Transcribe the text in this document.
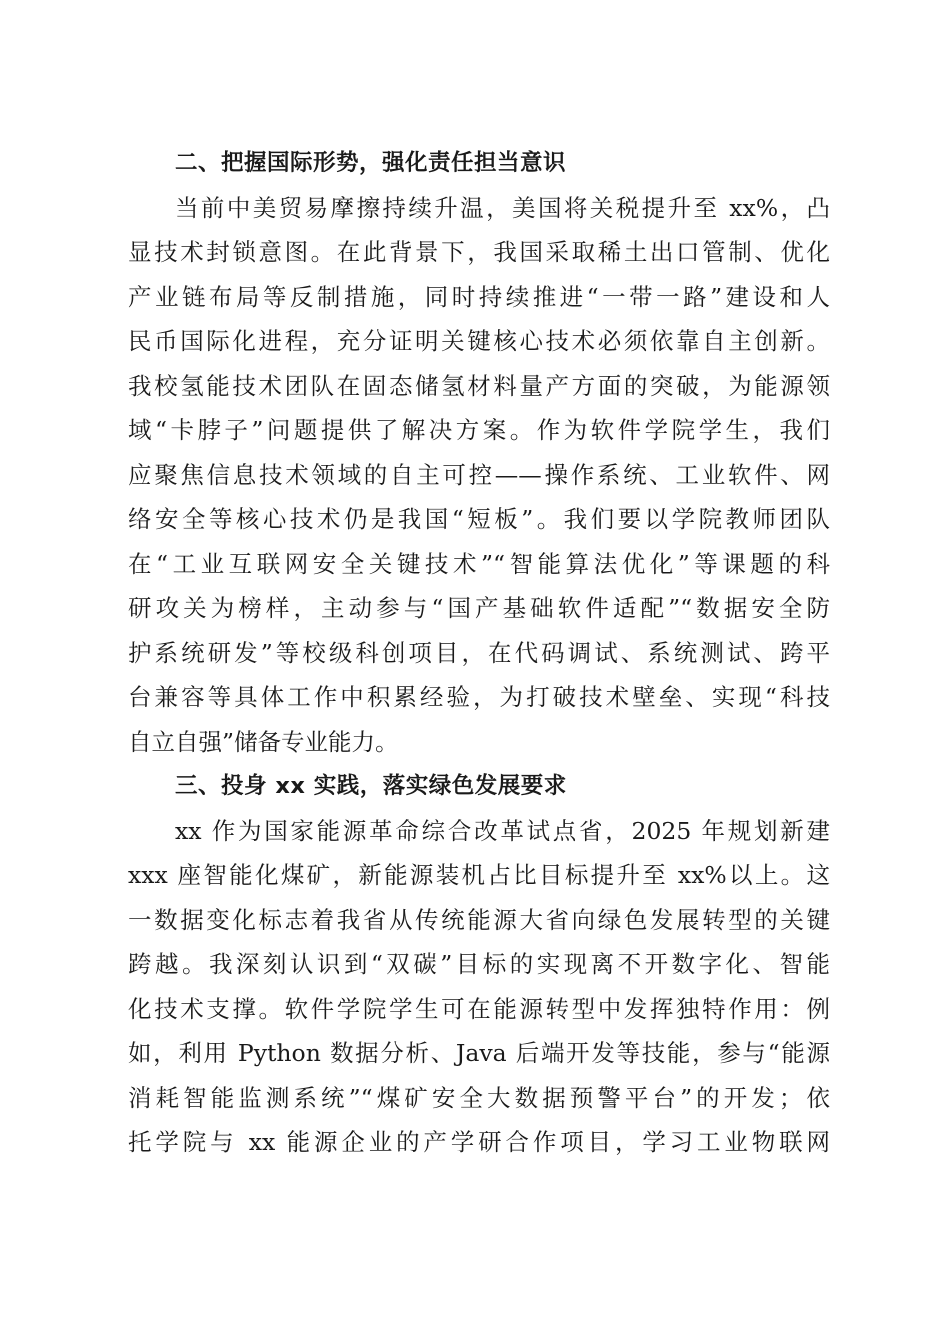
二、把握国际形势，强化责任担当意识
当前中美贸易摩擦持续升温，美国将关税提升至 xx%，凸
显技术封锁意图。在此背景下，我国采取稀土出口管制、优化
产业链布局等反制措施，同时持续推进“一带一路”建设和人
民币国际化进程，充分证明关键核心技术必须依靠自主创新。
我校氢能技术团队在固态储氢材料量产方面的突破，为能源领
域“卡脖子”问题提供了解决方案。作为软件学院学生，我们
应聚焦信息技术领域的自主可控——操作系统、工业软件、网
络安全等核心技术仍是我国“短板”。我们要以学院教师团队
在“工业互联网安全关键技术”“智能算法优化”等课题的科
研攻关为榜样，主动参与“国产基础软件适配”“数据安全防
护系统研发”等校级科创项目，在代码调试、系统测试、跨平
台兼容等具体工作中积累经验，为打破技术壁垒、实现“科技
自立自强”储备专业能力。
三、投身 xx 实践，落实绿色发展要求
xx 作为国家能源革命综合改革试点省，2025 年规划新建
xxx 座智能化煤矿，新能源装机占比目标提升至 xx%以上。这
一数据变化标志着我省从传统能源大省向绿色发展转型的关键
跨越。我深刻认识到“双碳”目标的实现离不开数字化、智能
化技术支撑。软件学院学生可在能源转型中发挥独特作用：例
如，利用 Python 数据分析、Java 后端开发等技能，参与“能源
消耗智能监测系统”“煤矿安全大数据预警平台”的开发；依
托学院与 xx 能源企业的产学研合作项目，学习工业物联网
